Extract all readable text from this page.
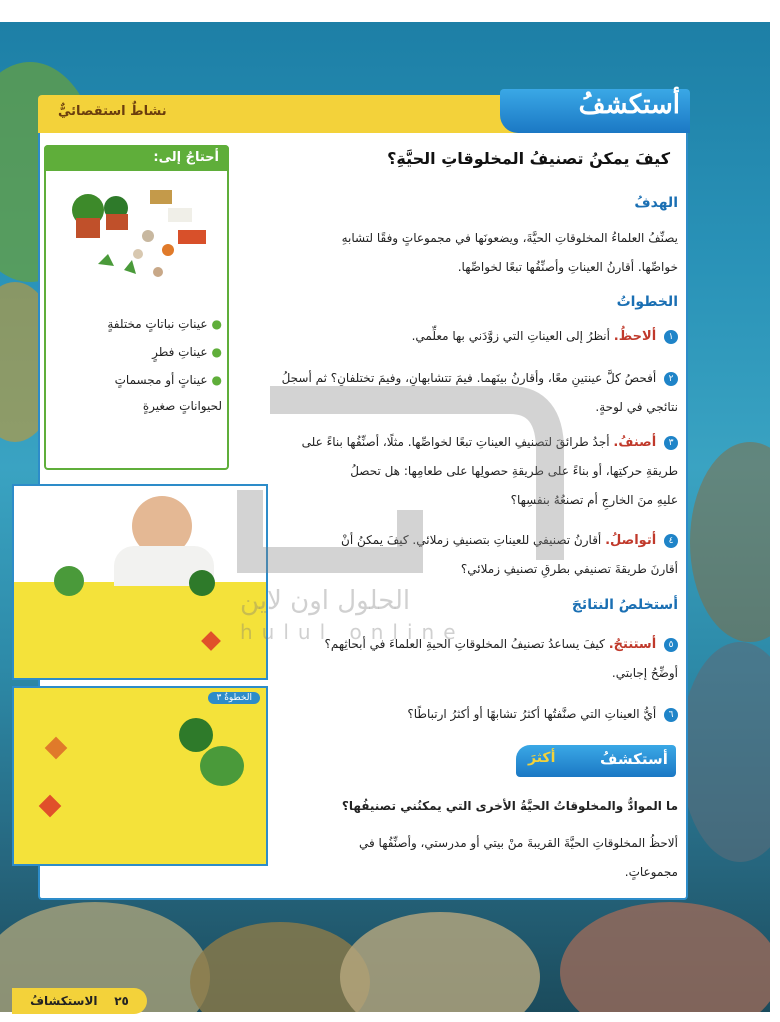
أستكشفُ
نشاطٌ استقصائيٌّ
كيفَ يمكنُ تصنيفُ المخلوقاتِ الحيَّةِ؟
الهدفُ
يصنِّفُ العلماءُ المخلوقاتِ الحيَّةَ، ويضعونَها في مجموعاتٍ وفقًا لتشابهِ
خواصِّها. أقارنُ العيناتِ وأصنِّفُها تبعًا لخواصِّها.
الخطواتُ
١ ألاحظُ. أنظرُ إلى العيناتِ التي زوَّدَني بها معلِّمي.
٢ أفحصُ كلَّ عينتينِ معًا، وأقارنُ بينَهما. فيمَ تتشابهانِ، وفيمَ تختلفانِ؟ ثم أسجلُ
نتائجي في لوحةٍ.
٣ أصنفُ. أجدُ طرائقَ لتصنيفِ العيناتِ تبعًا لخواصِّها. مثلًا، أصنِّفُها بناءً على
طريقةِ حركتِها، أو بناءً على طريقةِ حصولِها على طعامِها: هل تحصلُ
عليهِ منَ الخارجِ أم تصنعُهُ بنفسِها؟
٤ أتواصلُ. أقارنُ تصنيفي للعيناتِ بتصنيفِ زملائي. كيفَ يمكنُ أنْ
أقارنَ طريقةَ تصنيفي بطرقِ تصنيفِ زملائي؟
أستخلصُ النتائجَ
٥ أستنتجُ. كيفَ يساعدُ تصنيفُ المخلوقاتِ الحيةِ العلماءَ في أبحاثِهم؟
أوضِّحُ إجابتي.
٦ أيُّ العيناتِ التي صنَّفتُها أكثرُ تشابهًا أو أكثرُ ارتباطًا؟
أستكشفُ
أكثرَ
ما الموادُّ والمخلوقاتُ الحيَّةُ الأخرى التي يمكنُني تصنيفُها؟
ألاحظُ المخلوقاتِ الحيَّةَ القريبةَ منْ بيتي أو مدرستي، وأصنِّفُها في
مجموعاتٍ.
أحتاجُ إلى:
●عيناتِ نباتاتٍ مختلفةٍ
●عيناتِ فطرٍ
●عيناتٍ أو مجسماتٍ
لحيواناتٍ صغيرةٍ
الخطوةُ ٣
الحلول اون لاين
hulul online
٢٥    الاستكشافُ
